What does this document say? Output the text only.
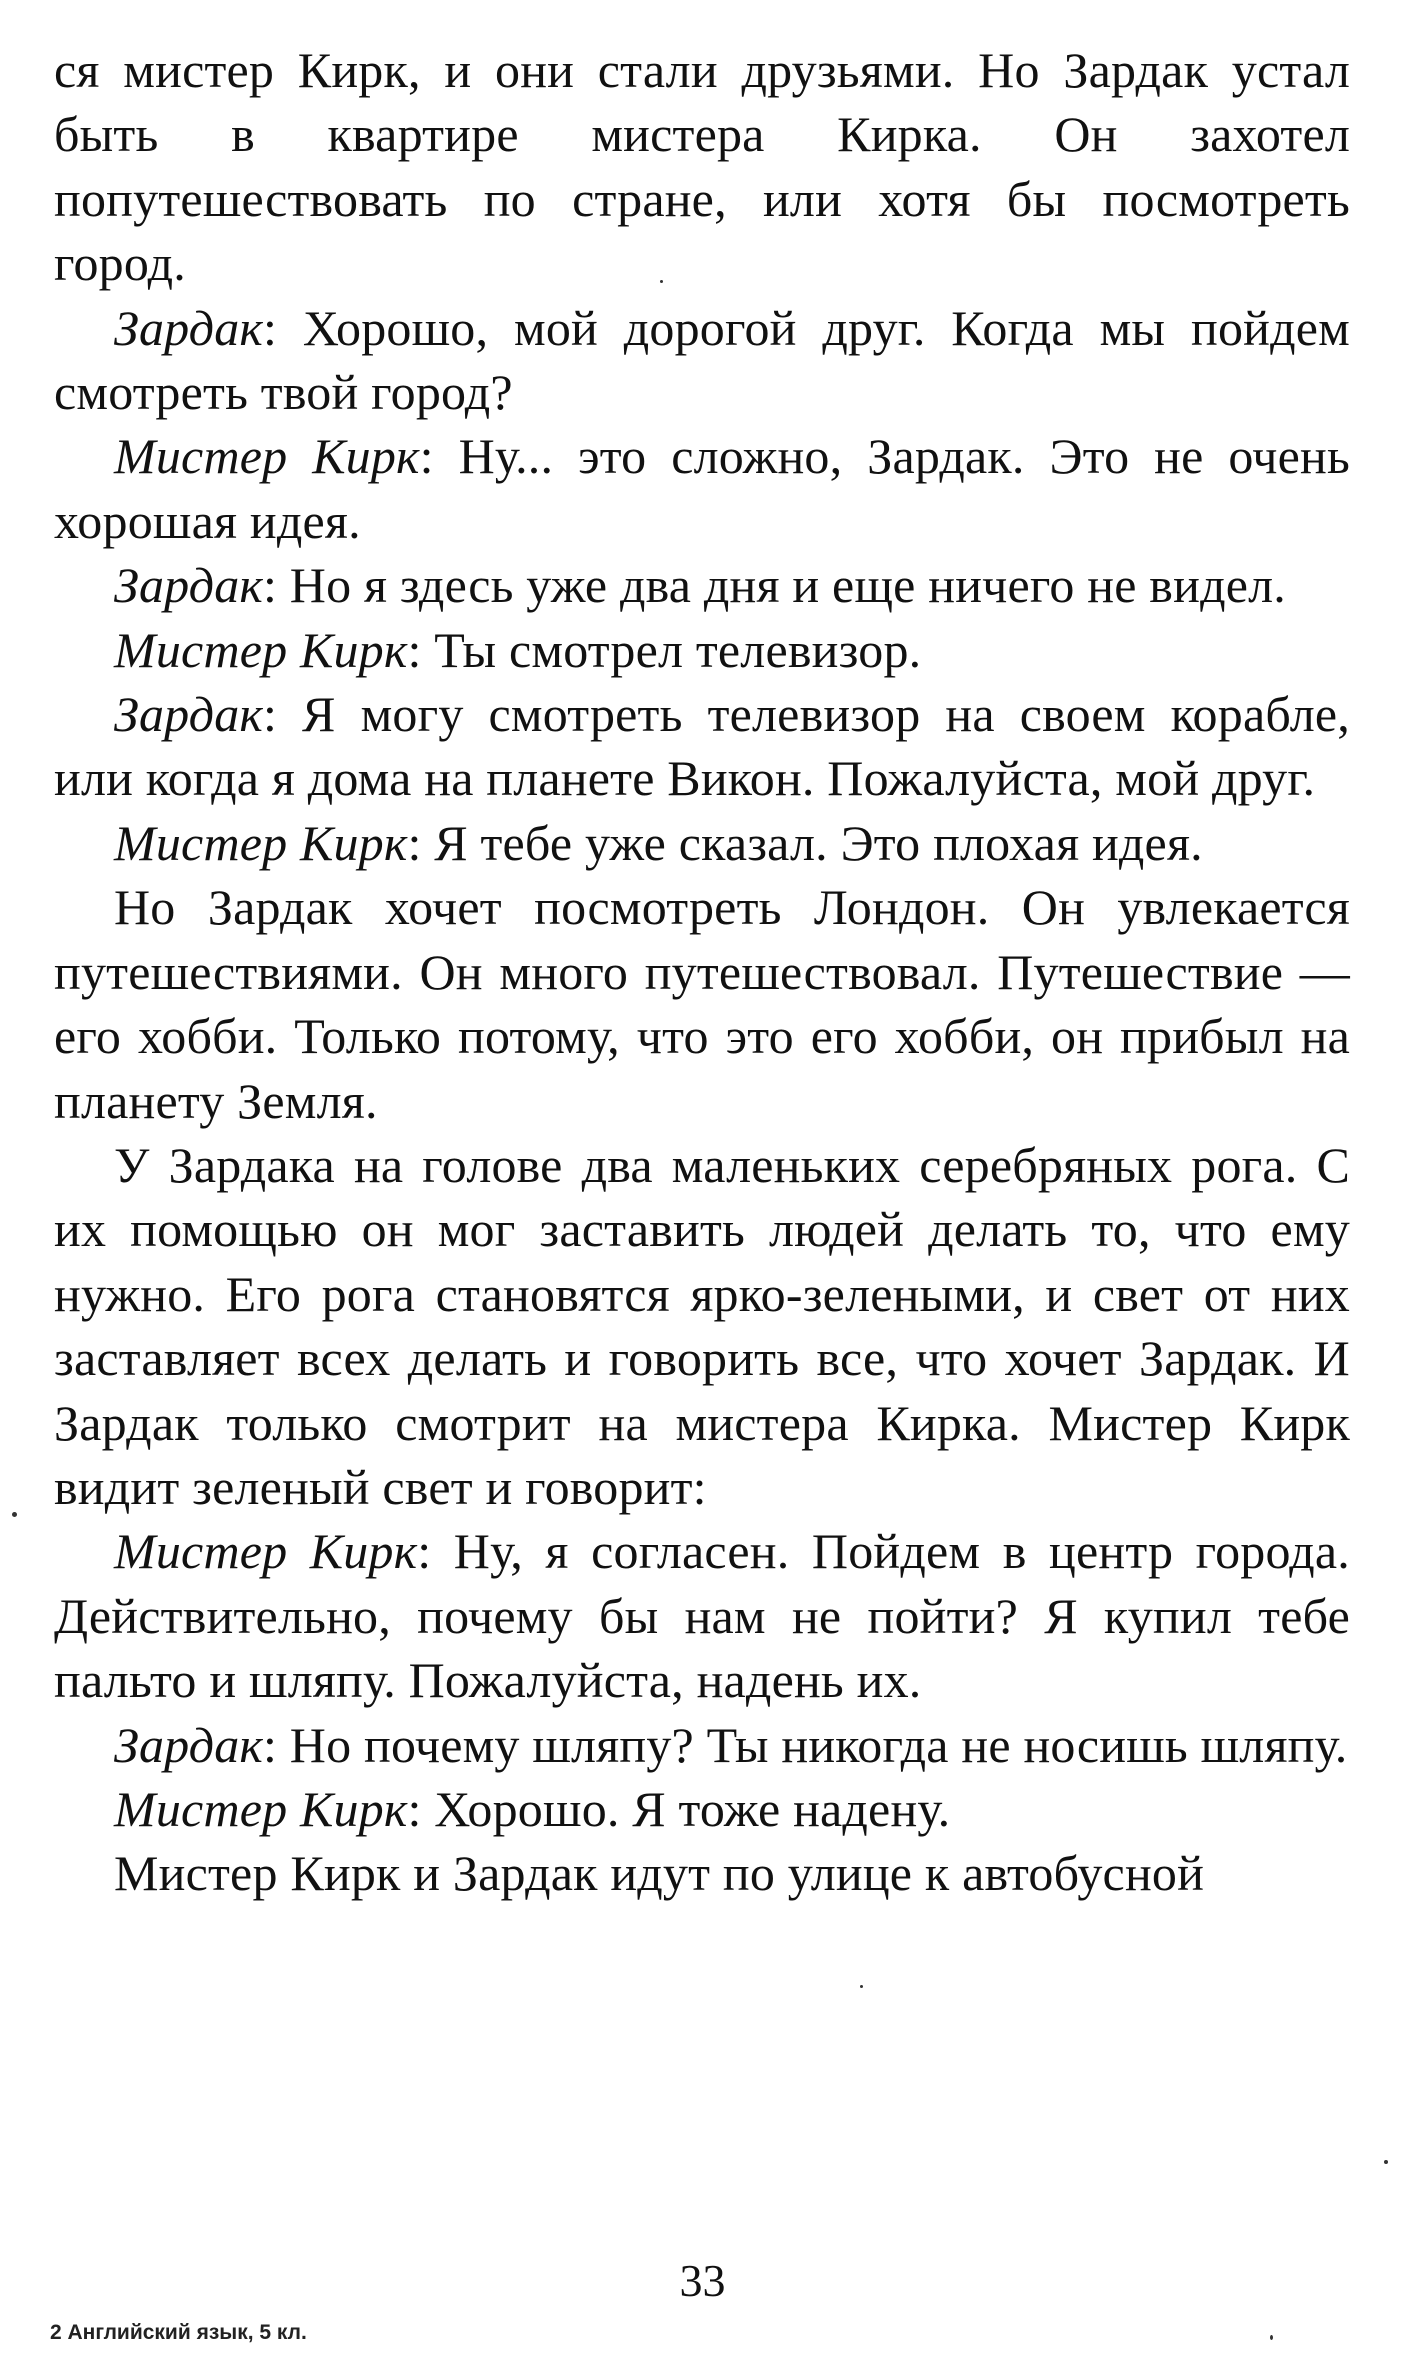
ся мистер Кирк, и они стали друзьями. Но Зардак устал быть в квартире мистера Кирка. Он захотел попутешествовать по стране, или хотя бы посмотреть город.

Зардак: Хорошо, мой дорогой друг. Когда мы пойдем смотреть твой город?

Мистер Кирк: Ну... это сложно, Зардак. Это не очень хорошая идея.

Зардак: Но я здесь уже два дня и еще ничего не видел.

Мистер Кирк: Ты смотрел телевизор.

Зардак: Я могу смотреть телевизор на своем корабле, или когда я дома на планете Викон. Пожалуйста, мой друг.

Мистер Кирк: Я тебе уже сказал. Это плохая идея.

Но Зардак хочет посмотреть Лондон. Он увлекается путешествиями. Он много путешествовал. Путешествие — его хобби. Только потому, что это его хобби, он прибыл на планету Земля.

У Зардака на голове два маленьких серебряных рога. С их помощью он мог заставить людей делать то, что ему нужно. Его рога становятся ярко-зелеными, и свет от них заставляет всех делать и говорить все, что хочет Зардак. И Зардак только смотрит на мистера Кирка. Мистер Кирк видит зеленый свет и говорит:

Мистер Кирк: Ну, я согласен. Пойдем в центр города. Действительно, почему бы нам не пойти? Я купил тебе пальто и шляпу. Пожалуйста, надень их.

Зардак: Но почему шляпу? Ты никогда не носишь шляпу.

Мистер Кирк: Хорошо. Я тоже надену.

Мистер Кирк и Зардак идут по улице к автобусной

33
2 Английский язык, 5 кл.
